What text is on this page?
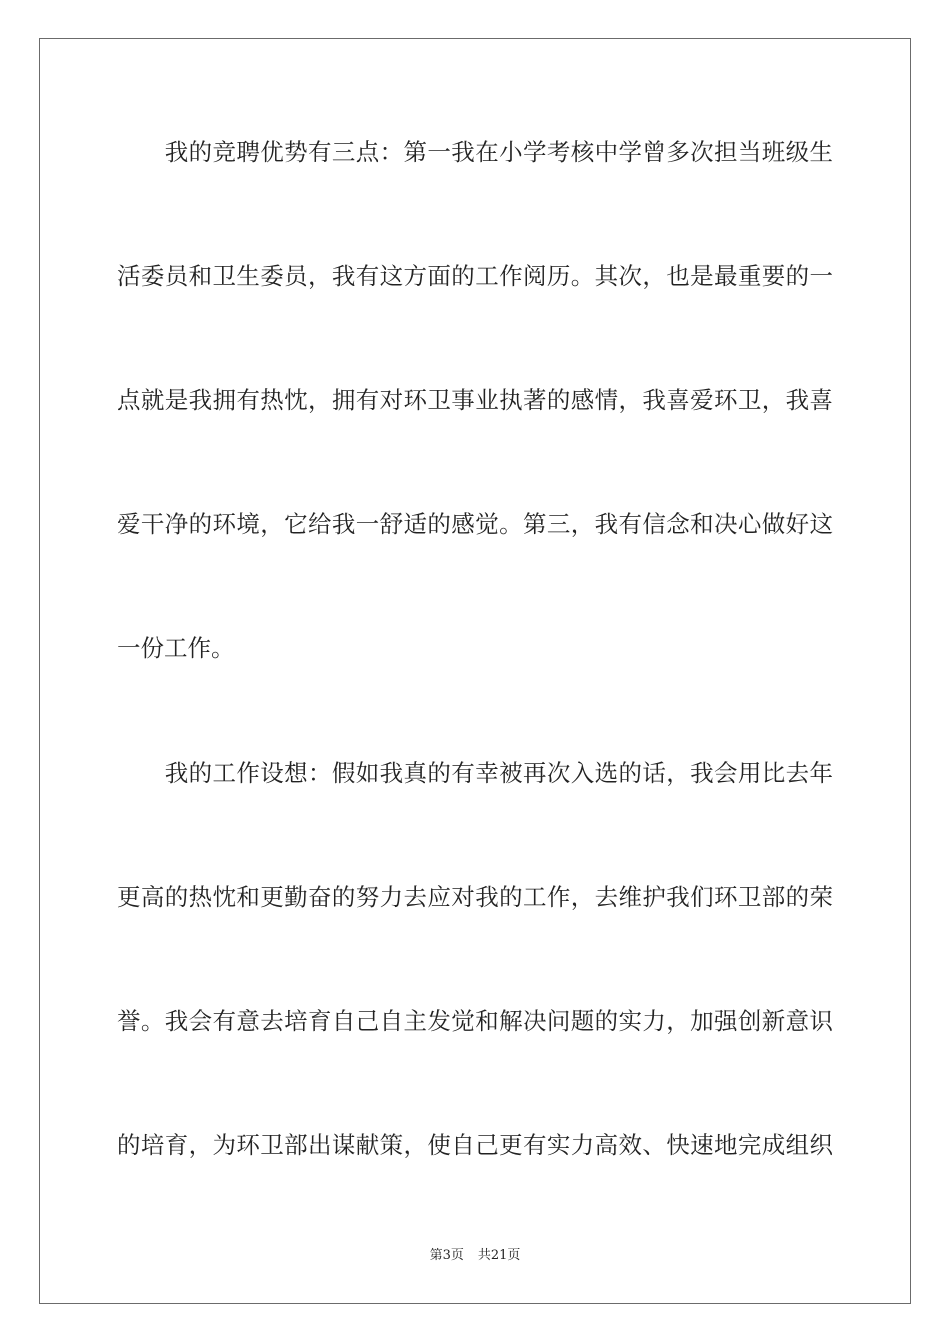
　　我的竞聘优势有三点：第一我在小学考核中学曾多次担当班级生
活委员和卫生委员，我有这方面的工作阅历。其次，也是最重要的一
点就是我拥有热忱，拥有对环卫事业执著的感情，我喜爱环卫，我喜
爱干净的环境，它给我一舒适的感觉。第三，我有信念和决心做好这
一份工作。
　　我的工作设想：假如我真的有幸被再次入选的话，我会用比去年
更高的热忱和更勤奋的努力去应对我的工作，去维护我们环卫部的荣
誉。我会有意去培育自己自主发觉和解决问题的实力，加强创新意识
的培育，为环卫部出谋献策，使自己更有实力高效、快速地完成组织
第3页 共21页
